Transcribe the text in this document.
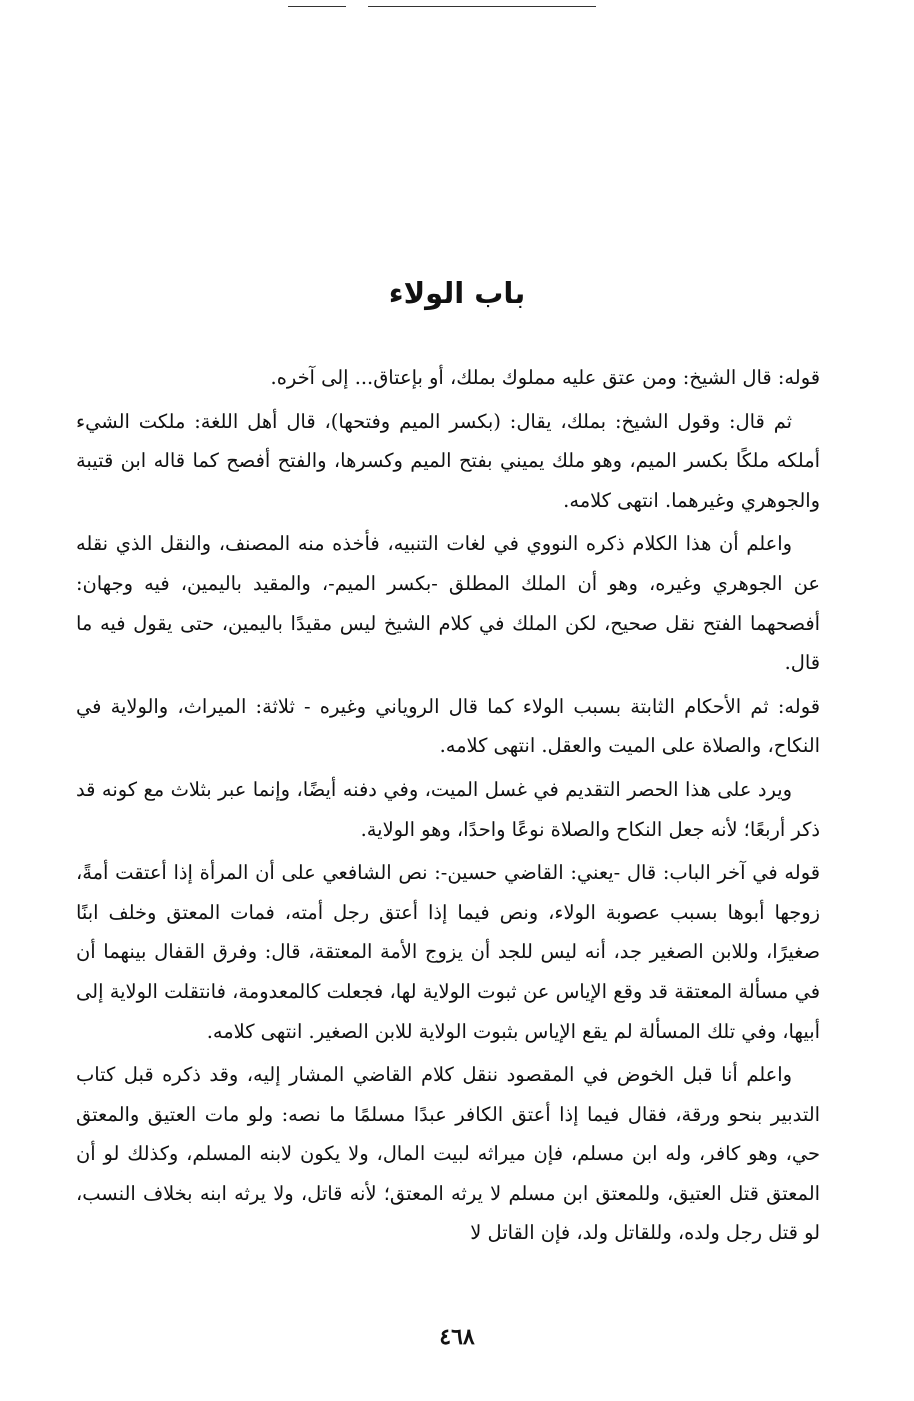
باب الولاء

قوله: قال الشيخ: ومن عتق عليه مملوك بملك، أو بإعتاق... إلى آخره.

ثم قال: وقول الشيخ: بملك، يقال: (بكسر الميم وفتحها)، قال أهل اللغة: ملكت الشيء أملكه ملكًا بكسر الميم، وهو ملك يميني بفتح الميم وكسرها، والفتح أفصح كما قاله ابن قتيبة والجوهري وغيرهما. انتهى كلامه.

واعلم أن هذا الكلام ذكره النووي في لغات التنبيه، فأخذه منه المصنف، والنقل الذي نقله عن الجوهري وغيره، وهو أن الملك المطلق -بكسر الميم-، والمقيد باليمين، فيه وجهان: أفصحهما الفتح نقل صحيح، لكن الملك في كلام الشيخ ليس مقيدًا باليمين، حتى يقول فيه ما قال.

قوله: ثم الأحكام الثابتة بسبب الولاء كما قال الروياني وغيره - ثلاثة: الميراث، والولاية في النكاح، والصلاة على الميت والعقل. انتهى كلامه.

ويرد على هذا الحصر التقديم في غسل الميت، وفي دفنه أيضًا، وإنما عبر بثلاث مع كونه قد ذكر أربعًا؛ لأنه جعل النكاح والصلاة نوعًا واحدًا، وهو الولاية.

قوله في آخر الباب: قال -يعني: القاضي حسين-: نص الشافعي على أن المرأة إذا أعتقت أمةً، زوجها أبوها بسبب عصوبة الولاء، ونص فيما إذا أعتق رجل أمته، فمات المعتق وخلف ابنًا صغيرًا، وللابن الصغير جد، أنه ليس للجد أن يزوج الأمة المعتقة، قال: وفرق القفال بينهما أن في مسألة المعتقة قد وقع الإياس عن ثبوت الولاية لها، فجعلت كالمعدومة، فانتقلت الولاية إلى أبيها، وفي تلك المسألة لم يقع الإياس بثبوت الولاية للابن الصغير. انتهى كلامه.

واعلم أنا قبل الخوض في المقصود ننقل كلام القاضي المشار إليه، وقد ذكره قبل كتاب التدبير بنحو ورقة، فقال فيما إذا أعتق الكافر عبدًا مسلمًا ما نصه: ولو مات العتيق والمعتق حي، وهو كافر، وله ابن مسلم، فإن ميراثه لبيت المال، ولا يكون لابنه المسلم، وكذلك لو أن المعتق قتل العتيق، وللمعتق ابن مسلم لا يرثه المعتق؛ لأنه قاتل، ولا يرثه ابنه بخلاف النسب، لو قتل رجل ولده، وللقاتل ولد، فإن القاتل لا

٤٦٨
